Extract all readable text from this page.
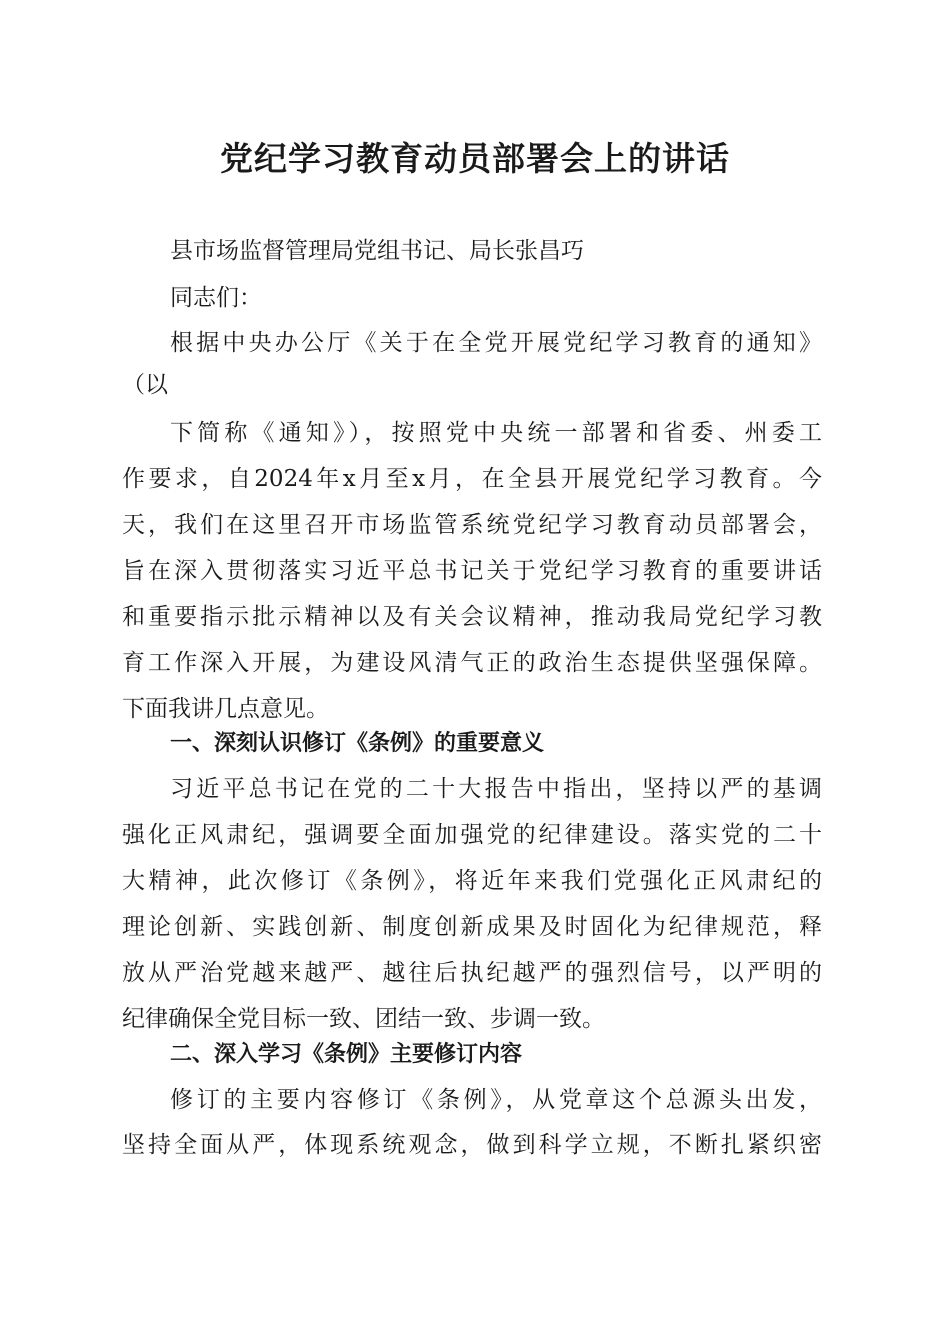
党纪学习教育动员部署会上的讲话
县市场监督管理局党组书记、局长张昌巧
同志们：
根据中央办公厅《关于在全党开展党纪学习教育的通知》
（以
下简称《通知》），按照党中央统一部署和省委、州委工
作要求，自2024年x月至x月，在全县开展党纪学习教育。今
天，我们在这里召开市场监管系统党纪学习教育动员部署会，
旨在深入贯彻落实习近平总书记关于党纪学习教育的重要讲话
和重要指示批示精神以及有关会议精神，推动我局党纪学习教
育工作深入开展，为建设风清气正的政治生态提供坚强保障。
下面我讲几点意见。
一、深刻认识修订《条例》的重要意义
习近平总书记在党的二十大报告中指出，坚持以严的基调
强化正风肃纪，强调要全面加强党的纪律建设。落实党的二十
大精神，此次修订《条例》，将近年来我们党强化正风肃纪的
理论创新、实践创新、制度创新成果及时固化为纪律规范，释
放从严治党越来越严、越往后执纪越严的强烈信号，以严明的
纪律确保全党目标一致、团结一致、步调一致。
二、深入学习《条例》主要修订内容
修订的主要内容修订《条例》，从党章这个总源头出发，
坚持全面从严，体现系统观念，做到科学立规，不断扎紧织密
